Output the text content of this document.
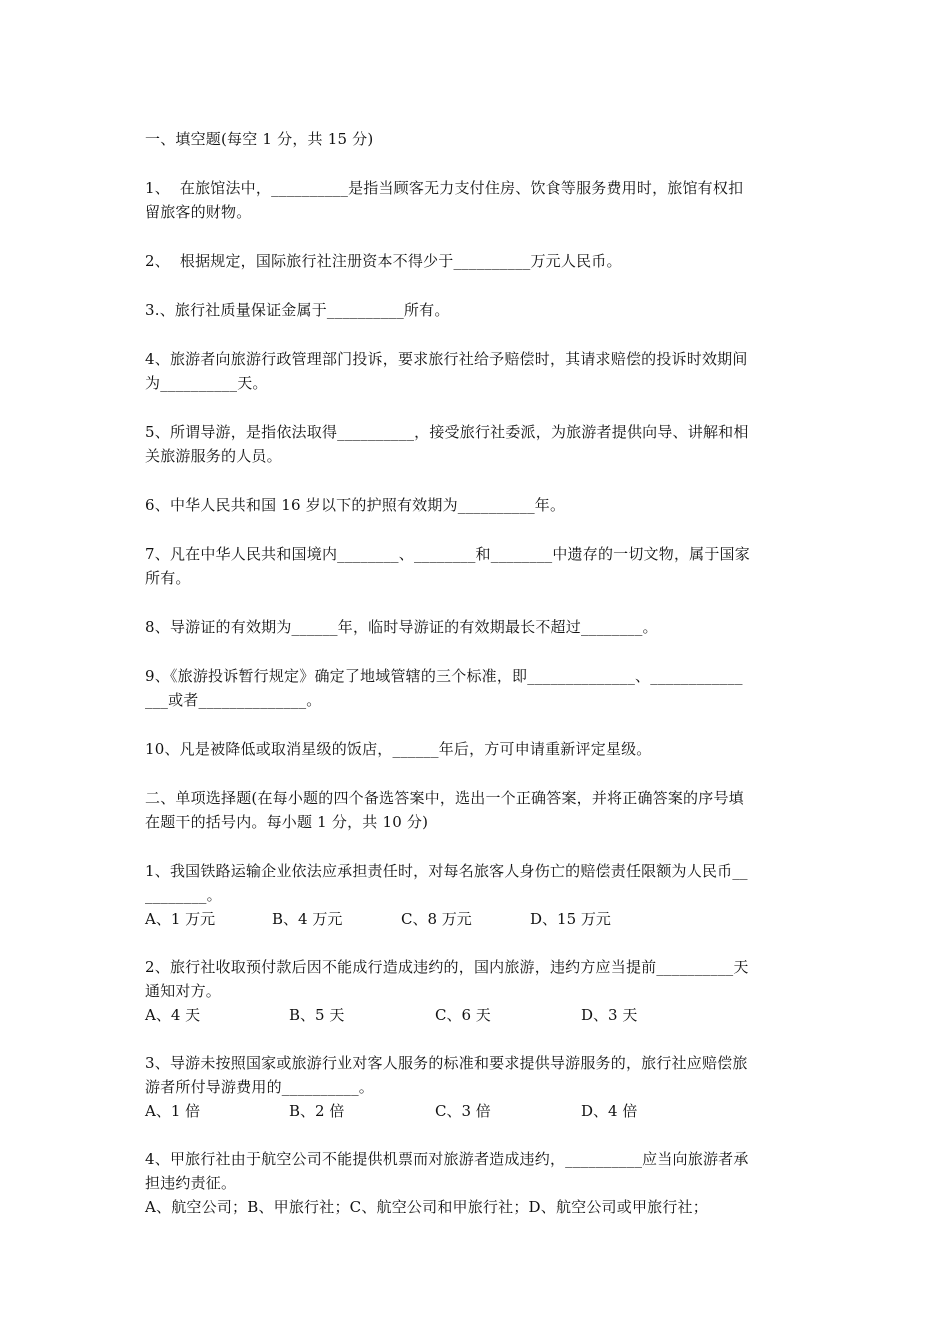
一、填空题(每空 1 分，共 15 分)
1、  在旅馆法中，__________是指当顾客无力支付住房、饮食等服务费用时，旅馆有权扣
留旅客的财物。
2、  根据规定，国际旅行社注册资本不得少于__________万元人民币。
3.、旅行社质量保证金属于__________所有。
4、旅游者向旅游行政管理部门投诉，要求旅行社给予赔偿时，其请求赔偿的投诉时效期间
为__________天。
5、所谓导游，是指依法取得__________，接受旅行社委派，为旅游者提供向导、讲解和相
关旅游服务的人员。
6、中华人民共和国 16 岁以下的护照有效期为__________年。
7、凡在中华人民共和国境内________、________和________中遗存的一切文物，属于国家
所有。
8、导游证的有效期为______年，临时导游证的有效期最长不超过________。
9、《旅游投诉暂行规定》确定了地域管辖的三个标准，即______________、____________
___或者______________。
10、凡是被降低或取消星级的饭店，______年后，方可申请重新评定星级。
二、单项选择题(在每小题的四个备选答案中，选出一个正确答案，并将正确答案的序号填
在题干的括号内。每小题 1 分，共 10 分)
1、我国铁路运输企业依法应承担责任时，对每名旅客人身伤亡的赔偿责任限额为人民币__
________。
A、1 万元	B、4 万元	C、8 万元	D、15 万元
2、旅行社收取预付款后因不能成行造成违约的，国内旅游，违约方应当提前__________天
通知对方。
A、4 天	B、5 天	C、6 天	D、3 天
3、导游未按照国家或旅游行业对客人服务的标准和要求提供导游服务的，旅行社应赔偿旅
游者所付导游费用的__________。
A、1 倍	B、2 倍	C、3 倍	D、4 倍
4、甲旅行社由于航空公司不能提供机票而对旅游者造成违约，__________应当向旅游者承
担违约责征。
A、航空公司；B、甲旅行社；C、航空公司和甲旅行社；D、航空公司或甲旅行社；
